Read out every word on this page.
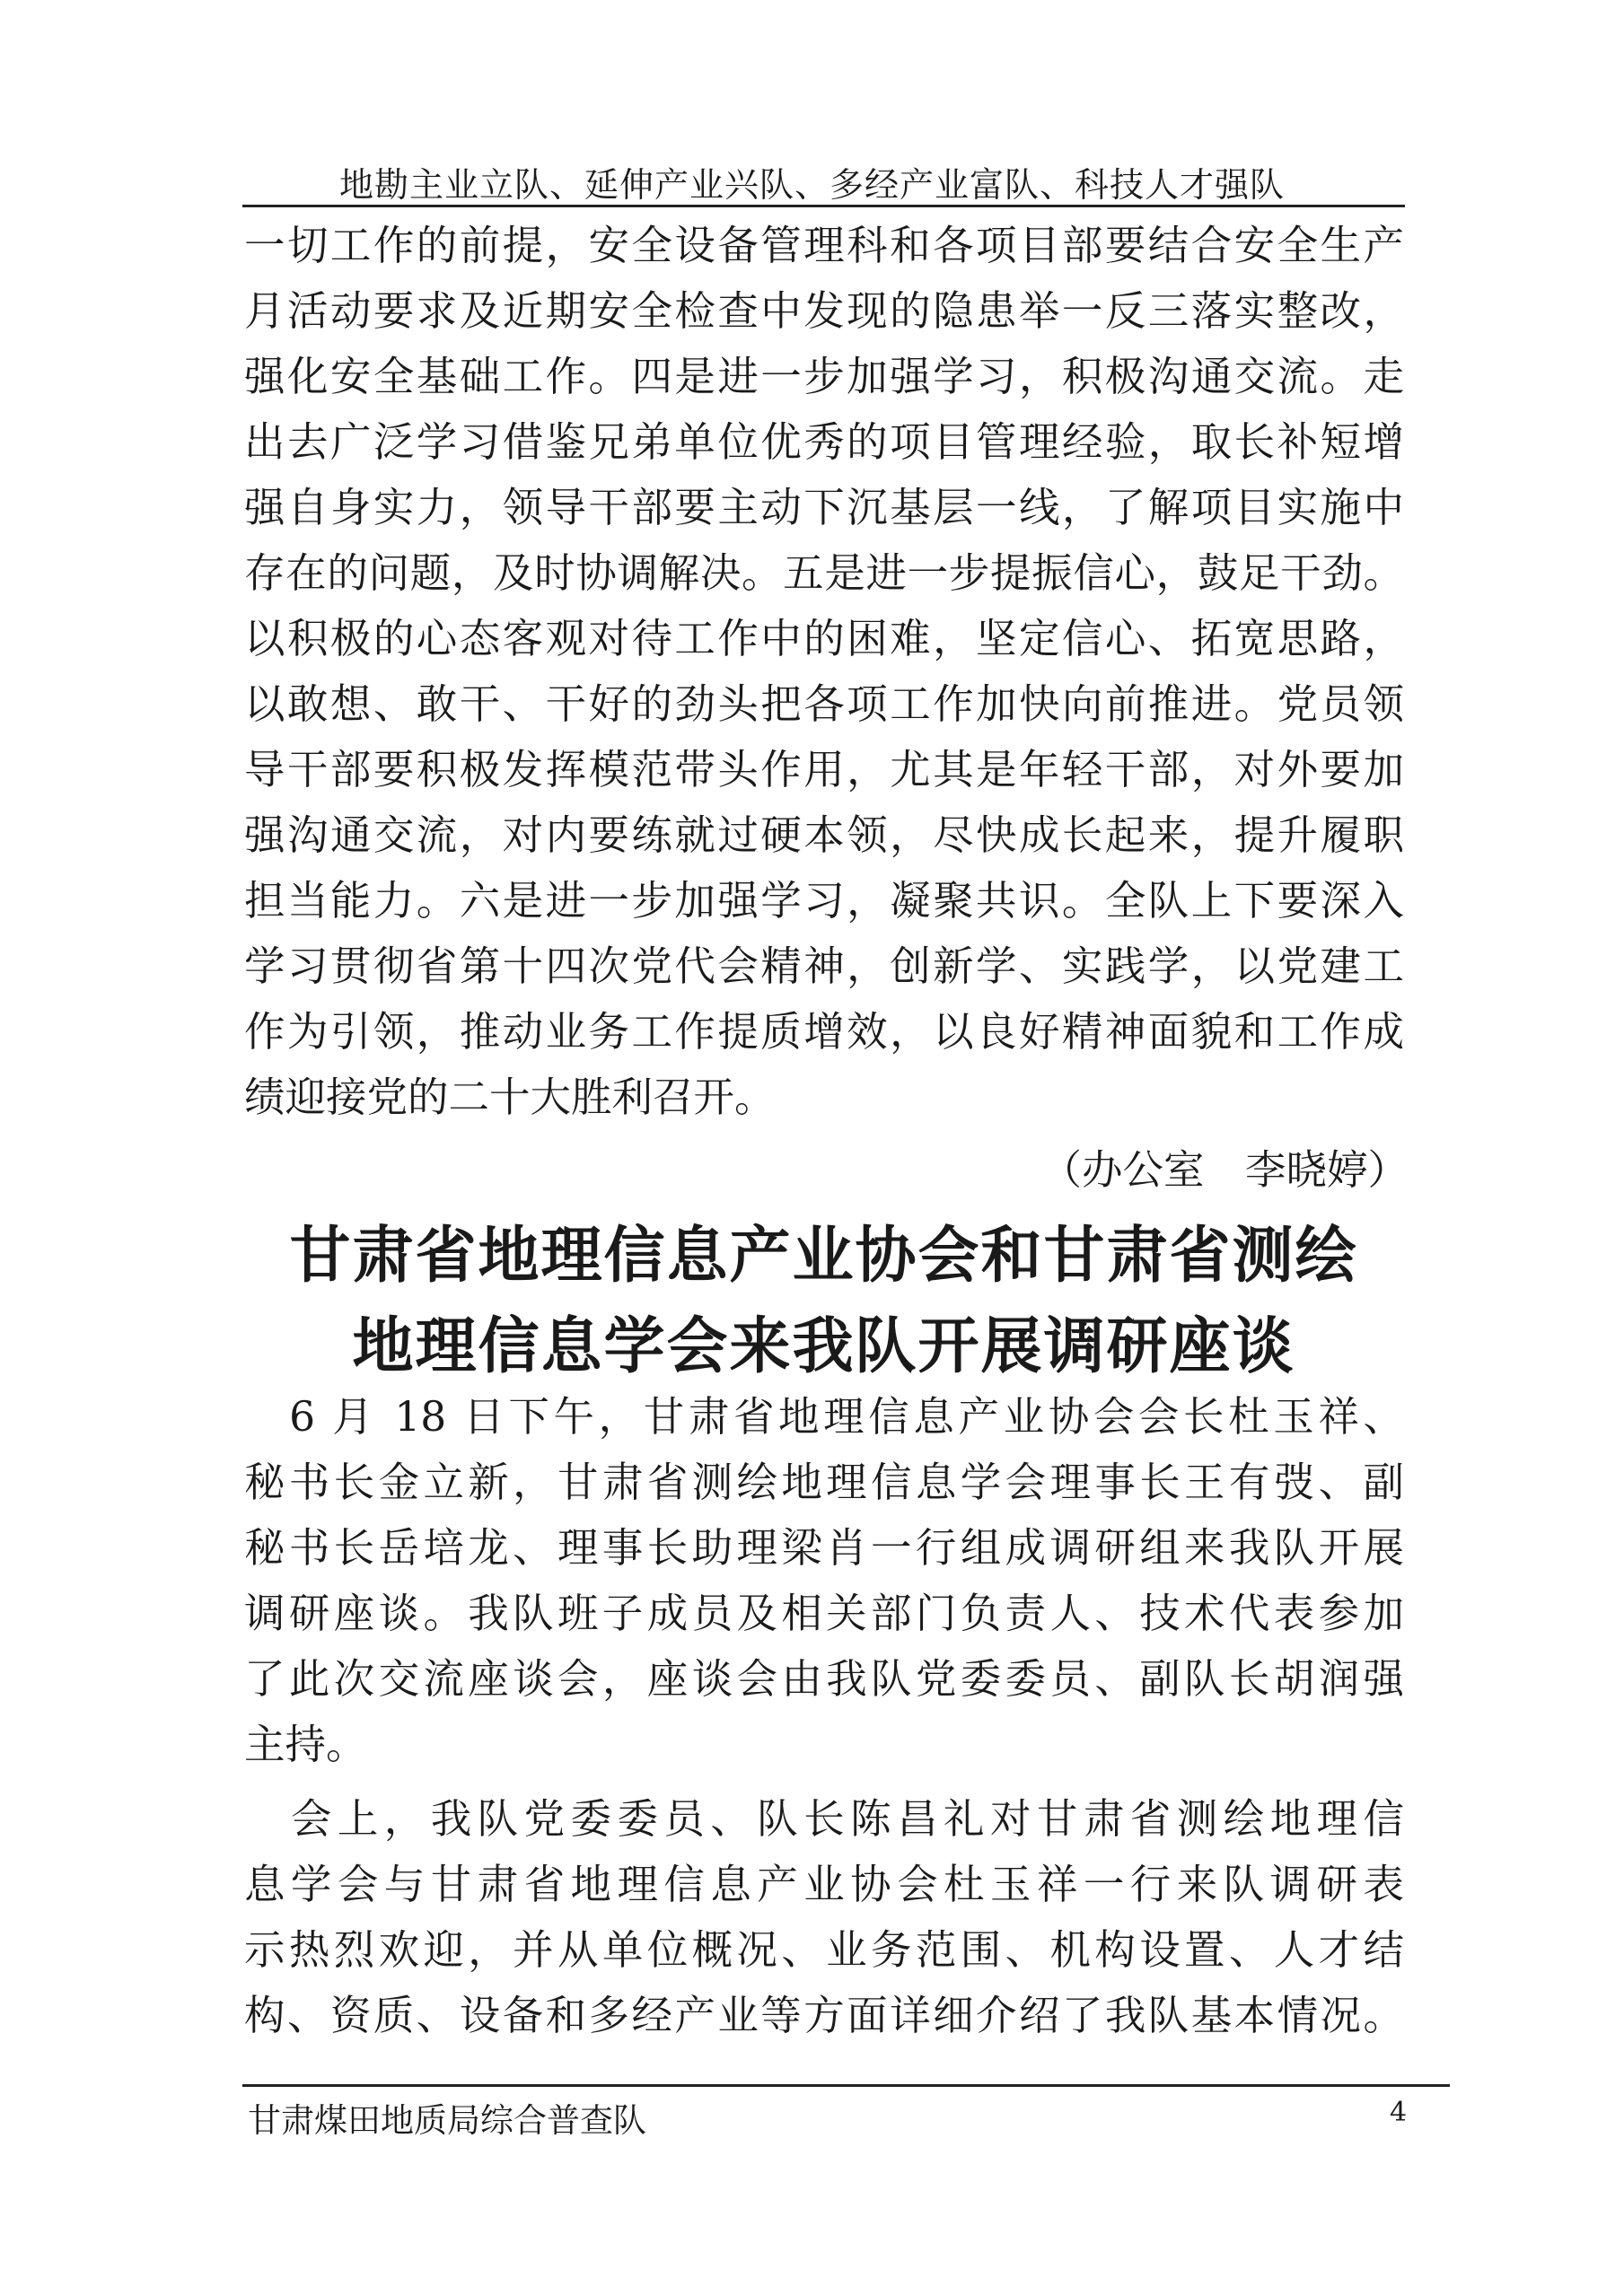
地勘主业立队、延伸产业兴队、多经产业富队、科技人才强队
一切工作的前提，安全设备管理科和各项目部要结合安全生产
月活动要求及近期安全检查中发现的隐患举一反三落实整改，
强化安全基础工作。四是进一步加强学习，积极沟通交流。走
出去广泛学习借鉴兄弟单位优秀的项目管理经验，取长补短增
强自身实力，领导干部要主动下沉基层一线，了解项目实施中
存在的问题，及时协调解决。五是进一步提振信心，鼓足干劲。
以积极的心态客观对待工作中的困难，坚定信心、拓宽思路，
以敢想、敢干、干好的劲头把各项工作加快向前推进。党员领
导干部要积极发挥模范带头作用，尤其是年轻干部，对外要加
强沟通交流，对内要练就过硬本领，尽快成长起来，提升履职
担当能力。六是进一步加强学习，凝聚共识。全队上下要深入
学习贯彻省第十四次党代会精神，创新学、实践学，以党建工
作为引领，推动业务工作提质增效，以良好精神面貌和工作成
绩迎接党的二十大胜利召开。
（办公室　李晓婷）
甘肃省地理信息产业协会和甘肃省测绘
地理信息学会来我队开展调研座谈
　6 月 18 日下午，甘肃省地理信息产业协会会长杜玉祥、
秘书长金立新，甘肃省测绘地理信息学会理事长王有弢、副
秘书长岳培龙、理事长助理梁肖一行组成调研组来我队开展
调研座谈。我队班子成员及相关部门负责人、技术代表参加
了此次交流座谈会，座谈会由我队党委委员、副队长胡润强
主持。
　会上，我队党委委员、队长陈昌礼对甘肃省测绘地理信
息学会与甘肃省地理信息产业协会杜玉祥一行来队调研表
示热烈欢迎，并从单位概况、业务范围、机构设置、人才结
构、资质、设备和多经产业等方面详细介绍了我队基本情况。
甘肃煤田地质局综合普查队	4
